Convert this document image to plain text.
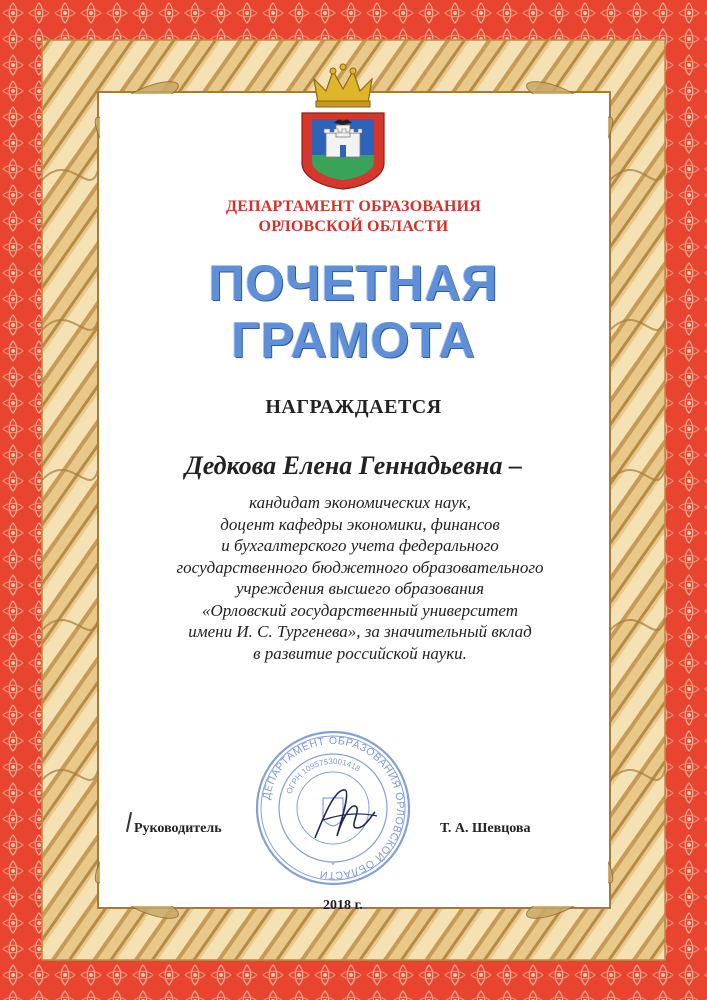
ДЕПАРТАМЕНТ ОБРАЗОВАНИЯ
ОРЛОВСКОЙ ОБЛАСТИ
ПОЧЕТНАЯ
ГРАМОТА
НАГРАЖДАЕТСЯ
Дедкова Елена Геннадьевна –
кандидат экономических наук,
доцент кафедры экономики, финансов
и бухгалтерского учета федерального
государственного бюджетного образовательного
учреждения высшего образования
«Орловский государственный университет
имени И. С. Тургенева», за значительный вклад
в развитие российской науки.
ДЕПАРТАМЕНТ ОБРАЗОВАНИЯ ОРЛОВСКОЙ ОБЛАСТИ
ОГРН 1095753001418
*
Руководитель	Т. А. Шевцова
2018 г.
